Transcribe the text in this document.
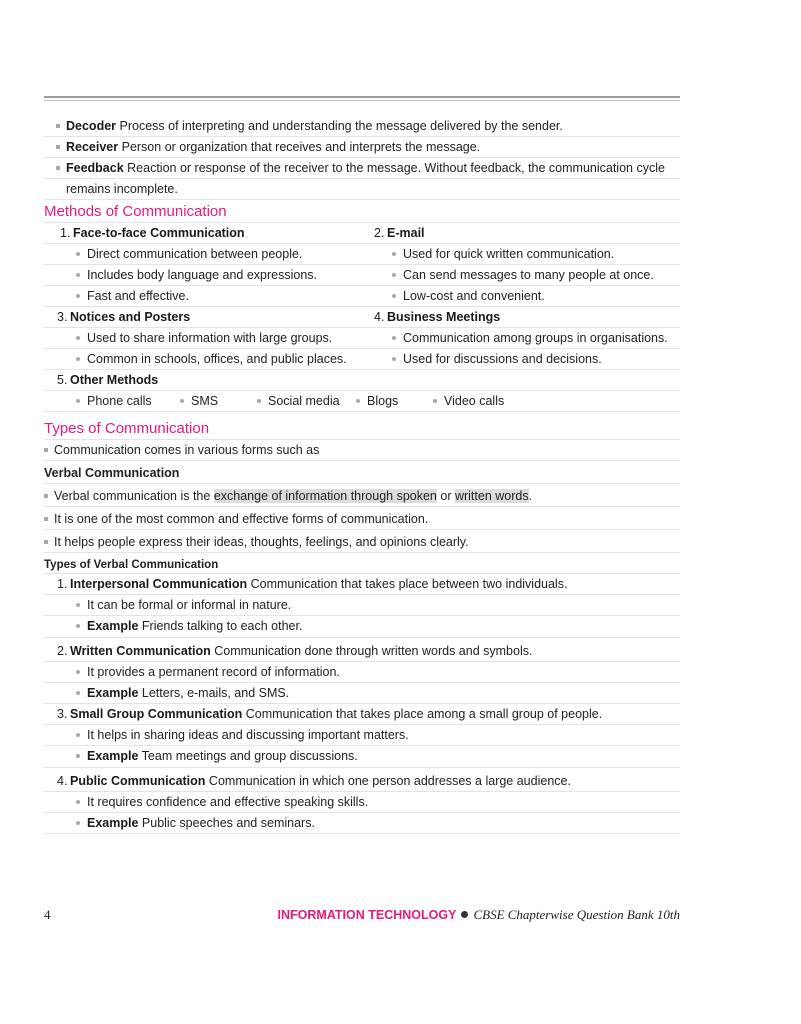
Decoder Process of interpreting and understanding the message delivered by the sender.
Receiver Person or organization that receives and interprets the message.
Feedback Reaction or response of the receiver to the message. Without feedback, the communication cycle
remains incomplete.
Methods of Communication
1. Face-to-face Communication	2. E-mail
Direct communication between people.	Used for quick written communication.
Includes body language and expressions.	Can send messages to many people at once.
Fast and effective.	Low-cost and convenient.
3. Notices and Posters	4. Business Meetings
Used to share information with large groups.	Communication among groups in organisations.
Common in schools, offices, and public places.	Used for discussions and decisions.
5. Other Methods
Phone calls	SMS	Social media	Blogs	Video calls
Types of Communication
Communication comes in various forms such as
Verbal Communication
Verbal communication is the exchange of information through spoken or written words.
It is one of the most common and effective forms of communication.
It helps people express their ideas, thoughts, feelings, and opinions clearly.
Types of Verbal Communication
1. Interpersonal Communication Communication that takes place between two individuals.
It can be formal or informal in nature.
Example Friends talking to each other.
2. Written Communication Communication done through written words and symbols.
It provides a permanent record of information.
Example Letters, e-mails, and SMS.
3. Small Group Communication Communication that takes place among a small group of people.
It helps in sharing ideas and discussing important matters.
Example Team meetings and group discussions.
4. Public Communication Communication in which one person addresses a large audience.
It requires confidence and effective speaking skills.
Example Public speeches and seminars.
4	INFORMATION TECHNOLOGY CBSE Chapterwise Question Bank 10th
